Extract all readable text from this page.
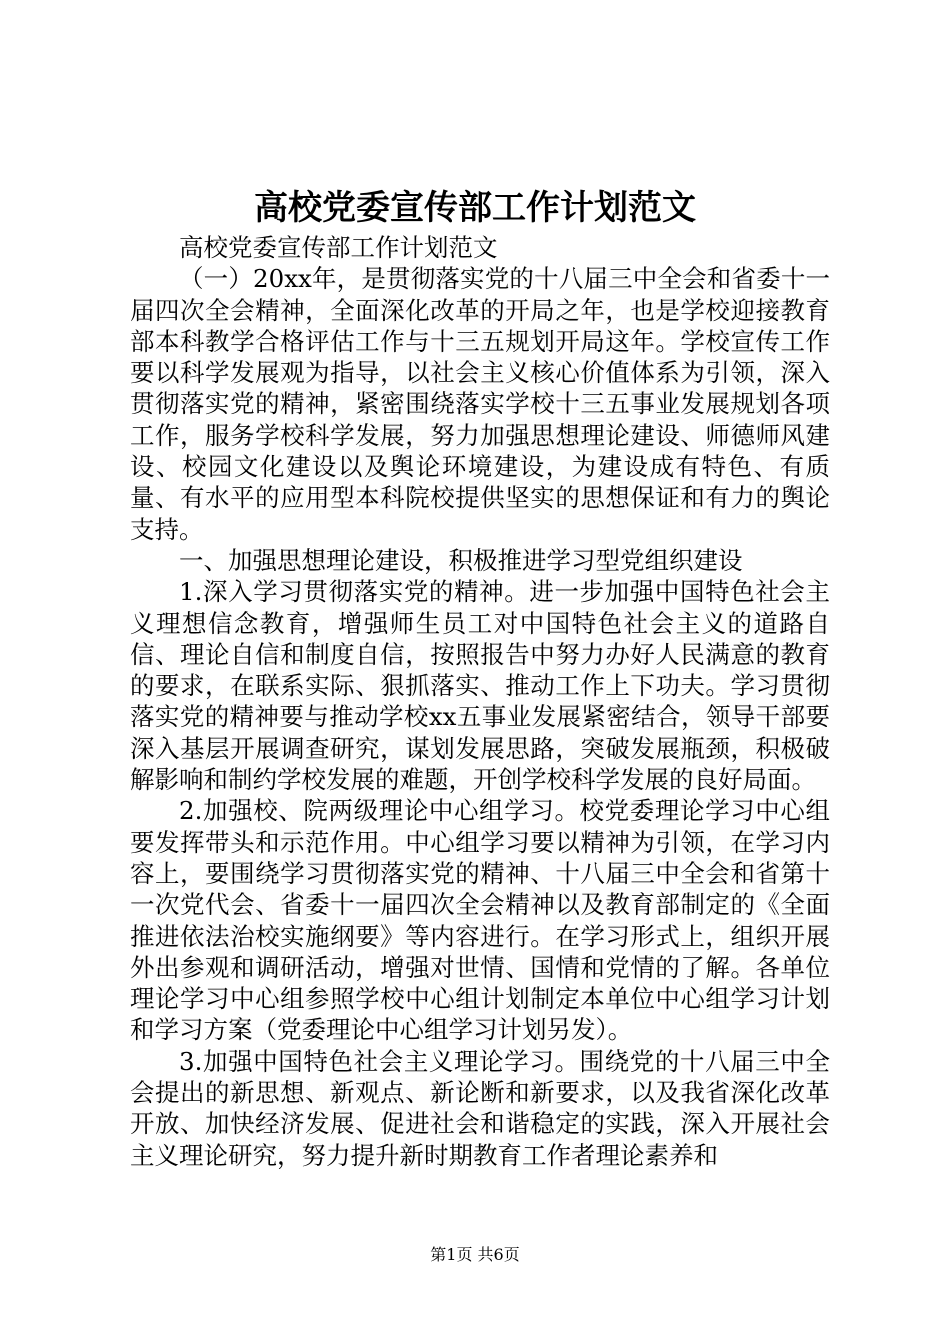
高校党委宣传部工作计划范文

高校党委宣传部工作计划范文

（一）20xx年，是贯彻落实党的十八届三中全会和省委十一届四次全会精神，全面深化改革的开局之年，也是学校迎接教育部本科教学合格评估工作与十三五规划开局这年。学校宣传工作要以科学发展观为指导，以社会主义核心价值体系为引领，深入贯彻落实党的精神，紧密围绕落实学校十三五事业发展规划各项工作，服务学校科学发展，努力加强思想理论建设、师德师风建设、校园文化建设以及舆论环境建设，为建设成有特色、有质量、有水平的应用型本科院校提供坚实的思想保证和有力的舆论支持。

一、加强思想理论建设，积极推进学习型党组织建设

1.深入学习贯彻落实党的精神。进一步加强中国特色社会主义理想信念教育，增强师生员工对中国特色社会主义的道路自信、理论自信和制度自信，按照报告中努力办好人民满意的教育的要求，在联系实际、狠抓落实、推动工作上下功夫。学习贯彻落实党的精神要与推动学校xx五事业发展紧密结合，领导干部要深入基层开展调查研究，谋划发展思路，突破发展瓶颈，积极破解影响和制约学校发展的难题，开创学校科学发展的良好局面。

2.加强校、院两级理论中心组学习。校党委理论学习中心组要发挥带头和示范作用。中心组学习要以精神为引领，在学习内容上，要围绕学习贯彻落实党的精神、十八届三中全会和省第十一次党代会、省委十一届四次全会精神以及教育部制定的《全面推进依法治校实施纲要》等内容进行。在学习形式上，组织开展外出参观和调研活动，增强对世情、国情和党情的了解。各单位理论学习中心组参照学校中心组计划制定本单位中心组学习计划和学习方案（党委理论中心组学习计划另发）。

3.加强中国特色社会主义理论学习。围绕党的十八届三中全会提出的新思想、新观点、新论断和新要求，以及我省深化改革开放、加快经济发展、促进社会和谐稳定的实践，深入开展社会主义理论研究，努力提升新时期教育工作者理论素养和

第1页 共6页
